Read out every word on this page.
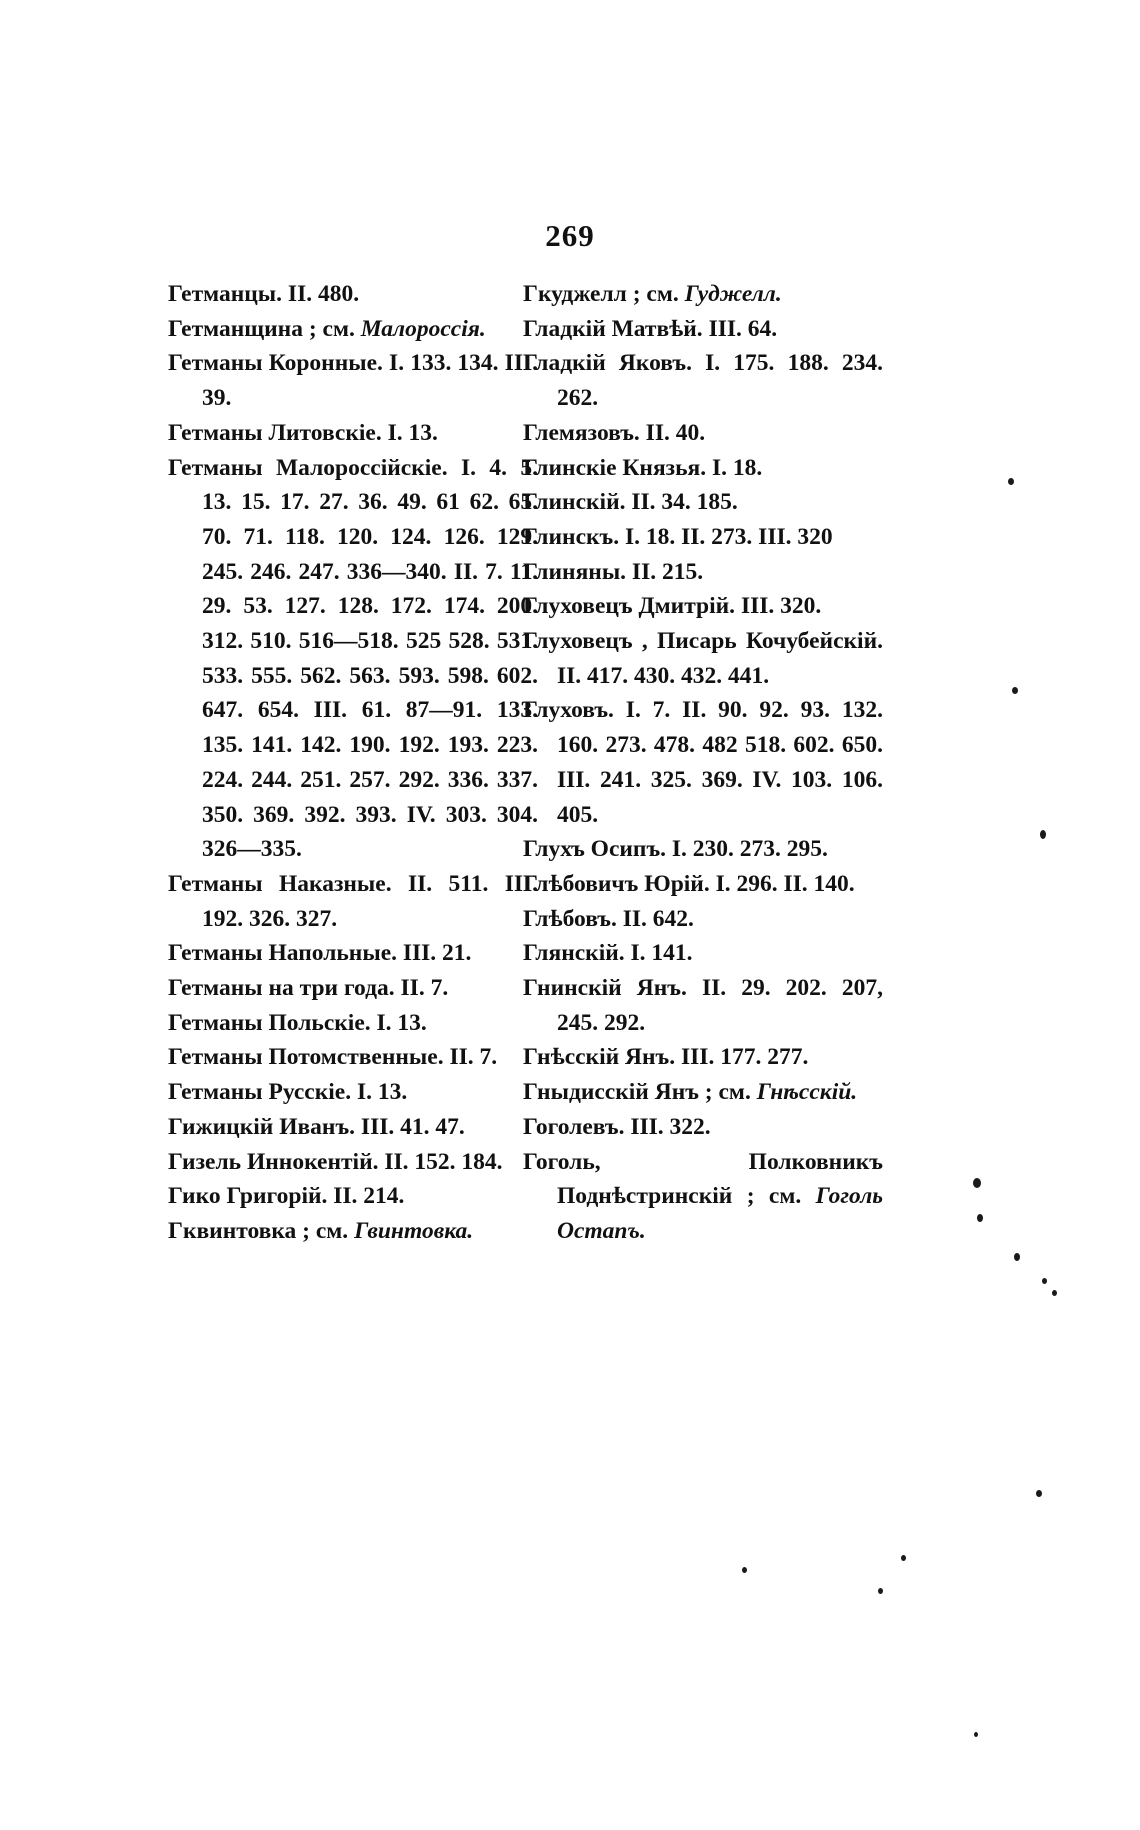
269
Гетманцы. II. 480.
Гетманщина ; см. Малороссія.
Гетманы Коронные. I. 133. 134. III. 39.
Гетманы Литовскіе. I. 13.
Гетманы Малороссійскіе. I. 4. 5. 13. 15. 17. 27. 36. 49. 61 62. 65. 70. 71. 118. 120. 124. 126. 129. 245. 246. 247. 336—340. II. 7. 11. 29. 53. 127. 128. 172. 174. 200. 312. 510. 516—518. 525 528. 531. 533. 555. 562. 563. 593. 598. 602. 647. 654. III. 61. 87—91. 133. 135. 141. 142. 190. 192. 193. 223. 224. 244. 251. 257. 292. 336. 337. 350. 369. 392. 393. IV. 303. 304. 326—335.
Гетманы Наказные. II. 511. III. 192. 326. 327.
Гетманы Напольные. III. 21.
Гетманы на три года. II. 7.
Гетманы Польскіе. I. 13.
Гетманы Потомственные. II. 7.
Гетманы Русскіе. I. 13.
Гижицкій Иванъ. III. 41. 47.
Гизель Иннокентій. II. 152. 184.
Гико Григорій. II. 214.
Гквинтовка ; см. Гвинтовка.
Гкуджелл ; см. Гуджелл.
Гладкій Матвѣй. III. 64.
Гладкій Яковъ. I. 175. 188. 234. 262.
Глемязовъ. II. 40.
Глинскіе Князья. I. 18.
Глинскій. II. 34. 185.
Глинскъ. I. 18. II. 273. III. 320
Глиняны. II. 215.
Глуховецъ Дмитрій. III. 320.
Глуховецъ , Писарь Кочубейскій. II. 417. 430. 432. 441.
Глуховъ. I. 7. II. 90. 92. 93. 132. 160. 273. 478. 482 518. 602. 650. III. 241. 325. 369. IV. 103. 106. 405.
Глухъ Осипъ. I. 230. 273. 295.
Глѣбовичъ Юрій. I. 296. II. 140.
Глѣбовъ. II. 642.
Глянскій. I. 141.
Гнинскій Янъ. II. 29. 202. 207, 245. 292.
Гнѣсскій Янъ. III. 177. 277.
Гныдисскій Янъ ; см. Гнѣсскій.
Гоголевъ. III. 322.
Гоголь, Полковникъ Поднѣстринскій ; см. Гоголь Остапъ.
